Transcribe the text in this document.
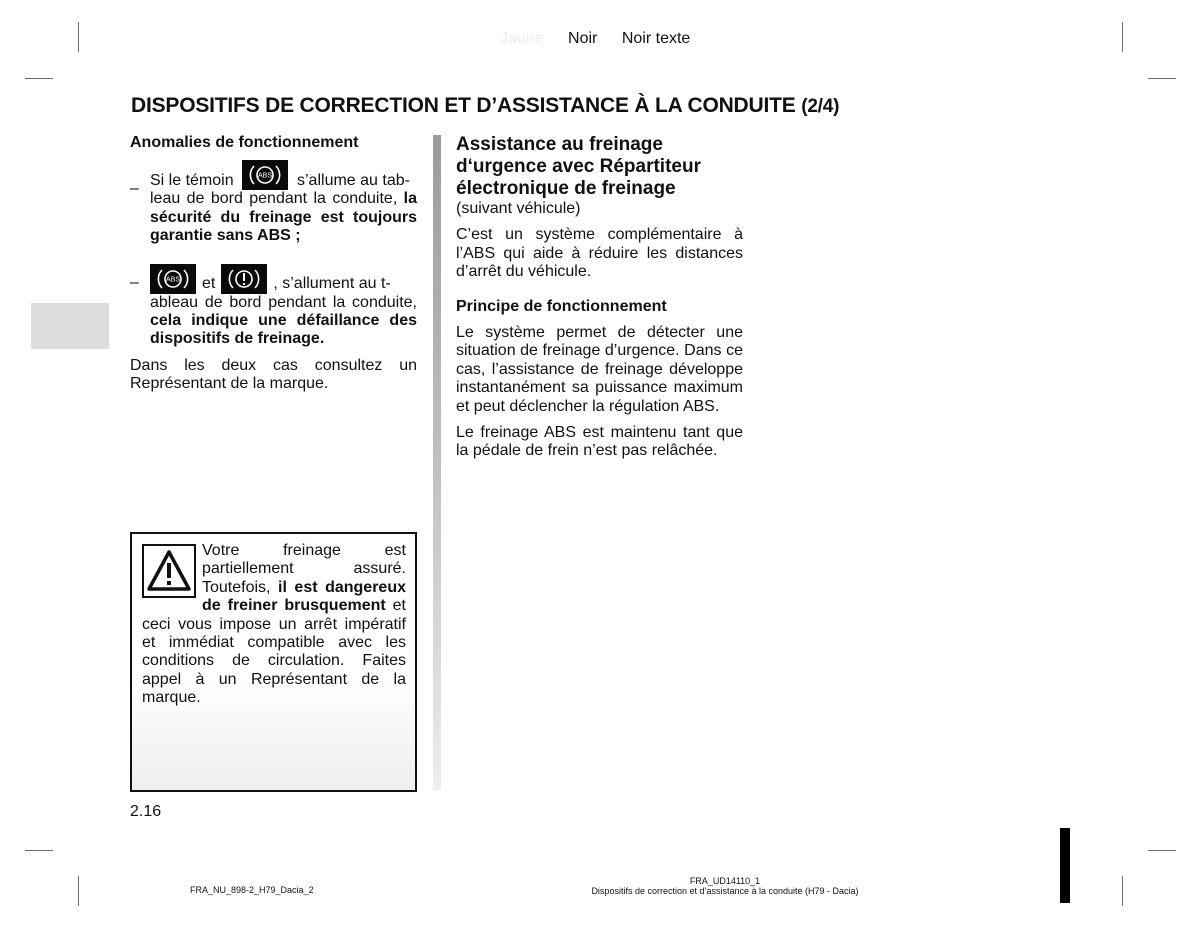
Jaune Noir Noir texte
DISPOSITIFS DE CORRECTION ET D’ASSISTANCE À LA CONDUITE (2/4)
Anomalies de fonctionnement
– Si le témoin	ABS s’allume au tab-
leau de bord pendant la conduite, la sécurité du freinage est toujours garantie sans ABS ;
–	ABS et	, s’allument au t-
ableau de bord pendant la conduite, cela indique une défaillance des dispositifs de freinage.
Dans les deux cas consultez un Représentant de la marque.
Votre freinage est partiellement assuré. Toutefois, il est dangereux de freiner brusquement et ceci vous impose un arrêt impératif et immédiat compatible avec les conditions de circulation. Faites appel à un Représentant de la marque.
Assistance au freinage d‘urgence avec Répartiteur électronique de freinage
(suivant véhicule)
C’est un système complémentaire à l’ABS qui aide à réduire les distances d’arrêt du véhicule.
Principe de fonctionnement
Le système permet de détecter une situation de freinage d’urgence. Dans ce cas, l’assistance de freinage développe instantanément sa puissance maximum et peut déclencher la régulation ABS.
Le freinage ABS est maintenu tant que la pédale de frein n’est pas relâchée.
2.16
FRA_NU_898-2_H79_Dacia_2
FRA_UD14110_1
Dispositifs de correction et d’assistance à la conduite (H79 - Dacia)
